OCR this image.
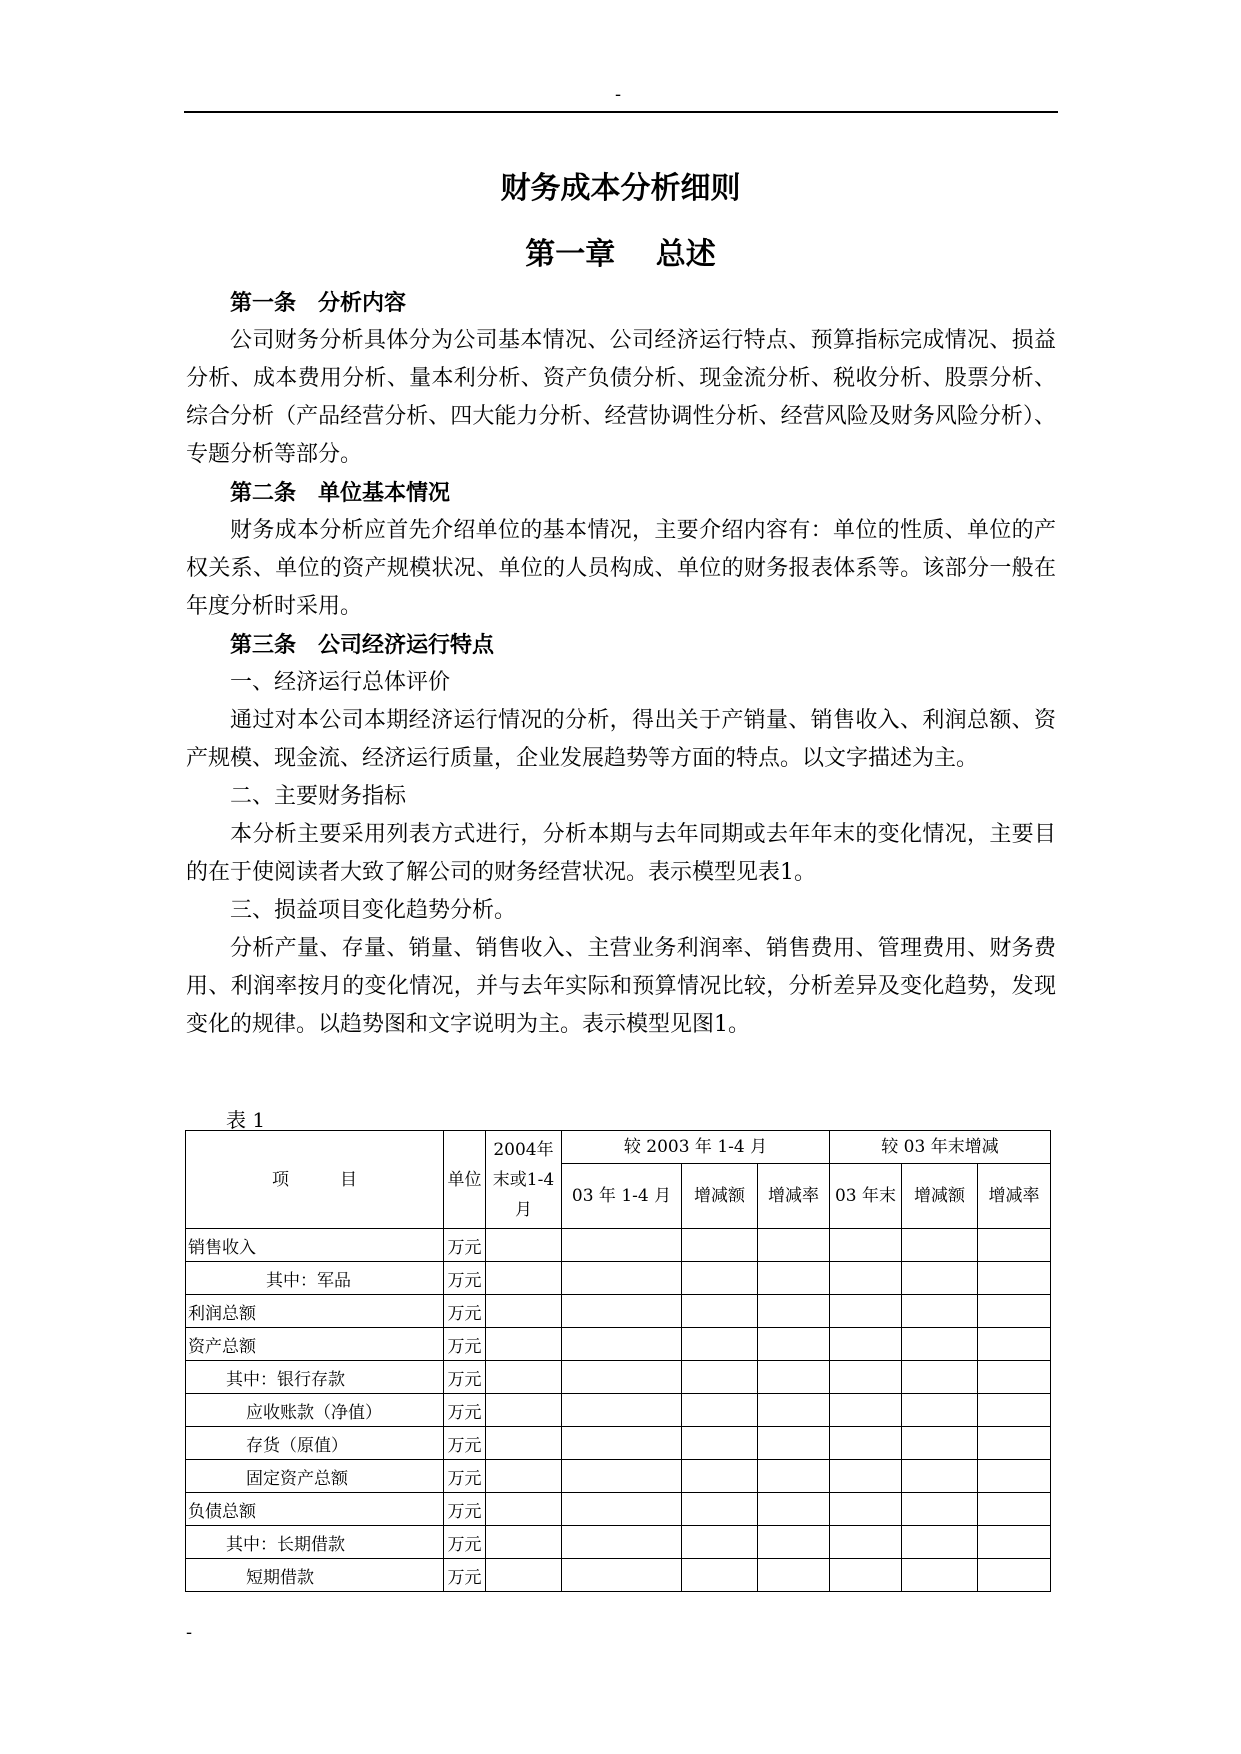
-
财务成本分析细则
第一章　 总述

第一条　分析内容

公司财务分析具体分为公司基本情况、公司经济运行特点、预算指标完成情况、损益分析、成本费用分析、量本利分析、资产负债分析、现金流分析、税收分析、股票分析、综合分析（产品经营分析、四大能力分析、经营协调性分析、经营风险及财务风险分析）、专题分析等部分。

第二条　单位基本情况

财务成本分析应首先介绍单位的基本情况，主要介绍内容有：单位的性质、单位的产权关系、单位的资产规模状况、单位的人员构成、单位的财务报表体系等。该部分一般在年度分析时采用。

第三条　公司经济运行特点

一、经济运行总体评价

通过对本公司本期经济运行情况的分析，得出关于产销量、销售收入、利润总额、资产规模、现金流、经济运行质量，企业发展趋势等方面的特点。以文字描述为主。

二、主要财务指标

本分析主要采用列表方式进行，分析本期与去年同期或去年年末的变化情况，主要目的在于使阅读者大致了解公司的财务经营状况。表示模型见表1。

三、损益项目变化趋势分析。

分析产量、存量、销量、销售收入、主营业务利润率、销售费用、管理费用、财务费用、利润率按月的变化情况，并与去年实际和预算情况比较，分析差异及变化趋势，发现变化的规律。以趋势图和文字说明为主。表示模型见图1。

表 1
项　　　目	单位	2004年末或1-4月	较 2003 年 1-4 月			较 03 年末增减		
			03 年 1-4 月	增减额	增减率	03 年末	增减额	增减率
销售收入	万元							
其中：军品	万元							
利润总额	万元							
资产总额	万元							
其中：银行存款	万元							
应收账款（净值）	万元							
存货（原值）	万元							
固定资产总额	万元							
负债总额	万元							
其中：长期借款	万元							
短期借款	万元							
-
